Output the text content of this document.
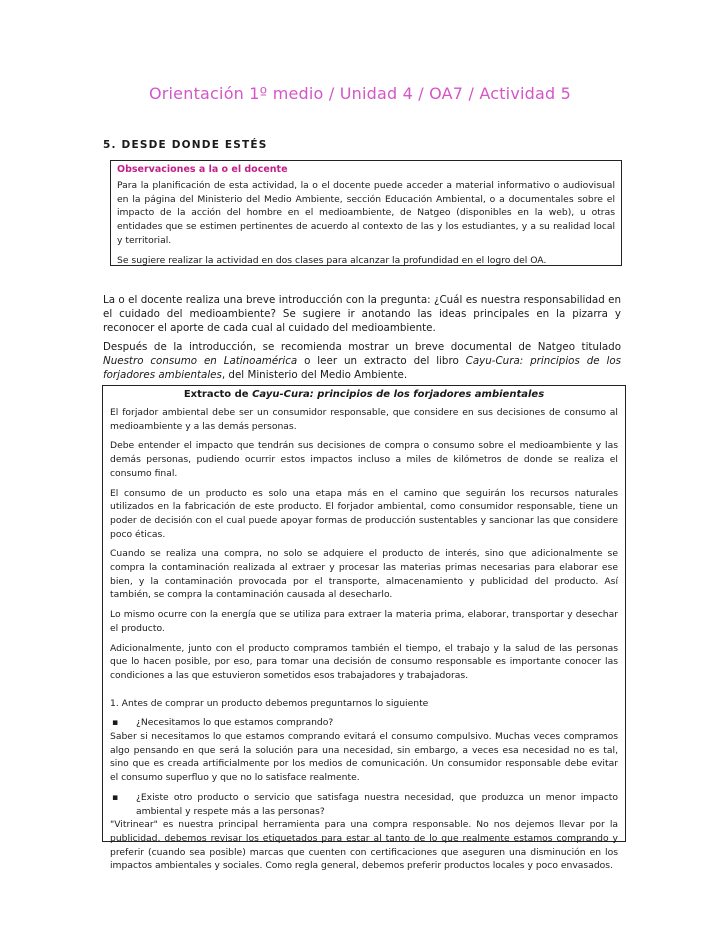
Orientación 1º medio / Unidad 4 / OA7 / Actividad 5
5. DESDE DONDE ESTÉS
Observaciones a la o el docente

Para la planificación de esta actividad, la o el docente puede acceder a material informativo o audiovisual en la página del Ministerio del Medio Ambiente, sección Educación Ambiental, o a documentales sobre el impacto de la acción del hombre en el medioambiente, de Natgeo (disponibles en la web), u otras entidades que se estimen pertinentes de acuerdo al contexto de las y los estudiantes, y a su realidad local y territorial.

Se sugiere realizar la actividad en dos clases para alcanzar la profundidad en el logro del OA.

La o el docente realiza una breve introducción con la pregunta: ¿Cuál es nuestra responsabilidad en el cuidado del medioambiente? Se sugiere ir anotando las ideas principales en la pizarra y reconocer el aporte de cada cual al cuidado del medioambiente.
Después de la introducción, se recomienda mostrar un breve documental de Natgeo titulado Nuestro consumo en Latinoamérica o leer un extracto del libro Cayu-Cura: principios de los forjadores ambientales, del Ministerio del Medio Ambiente.
Extracto de Cayu-Cura: principios de los forjadores ambientales

El forjador ambiental debe ser un consumidor responsable, que considere en sus decisiones de consumo al medioambiente y a las demás personas.

Debe entender el impacto que tendrán sus decisiones de compra o consumo sobre el medioambiente y las demás personas, pudiendo ocurrir estos impactos incluso a miles de kilómetros de donde se realiza el consumo final.

El consumo de un producto es solo una etapa más en el camino que seguirán los recursos naturales utilizados en la fabricación de este producto. El forjador ambiental, como consumidor responsable, tiene un poder de decisión con el cual puede apoyar formas de producción sustentables y sancionar las que considere poco éticas.

Cuando se realiza una compra, no solo se adquiere el producto de interés, sino que adicionalmente se compra la contaminación realizada al extraer y procesar las materias primas necesarias para elaborar ese bien, y la contaminación provocada por el transporte, almacenamiento y publicidad del producto. Así también, se compra la contaminación causada al desecharlo.

Lo mismo ocurre con la energía que se utiliza para extraer la materia prima, elaborar, transportar y desechar el producto.

Adicionalmente, junto con el producto compramos también el tiempo, el trabajo y la salud de las personas que lo hacen posible, por eso, para tomar una decisión de consumo responsable es importante conocer las condiciones a las que estuvieron sometidos esos trabajadores y trabajadoras.

1. Antes de comprar un producto debemos preguntarnos lo siguiente

▪	¿Necesitamos lo que estamos comprando?

Saber si necesitamos lo que estamos comprando evitará el consumo compulsivo. Muchas veces compramos algo pensando en que será la solución para una necesidad, sin embargo, a veces esa necesidad no es tal, sino que es creada artificialmente por los medios de comunicación. Un consumidor responsable debe evitar el consumo superfluo y que no lo satisface realmente.

▪	¿Existe otro producto o servicio que satisfaga nuestra necesidad, que produzca un menor impacto ambiental y respete más a las personas?

"Vitrinear" es nuestra principal herramienta para una compra responsable. No nos dejemos llevar por la publicidad, debemos revisar los etiquetados para estar al tanto de lo que realmente estamos comprando y preferir (cuando sea posible) marcas que cuenten con certificaciones que aseguren una disminución en los impactos ambientales y sociales. Como regla general, debemos preferir productos locales y poco envasados.
